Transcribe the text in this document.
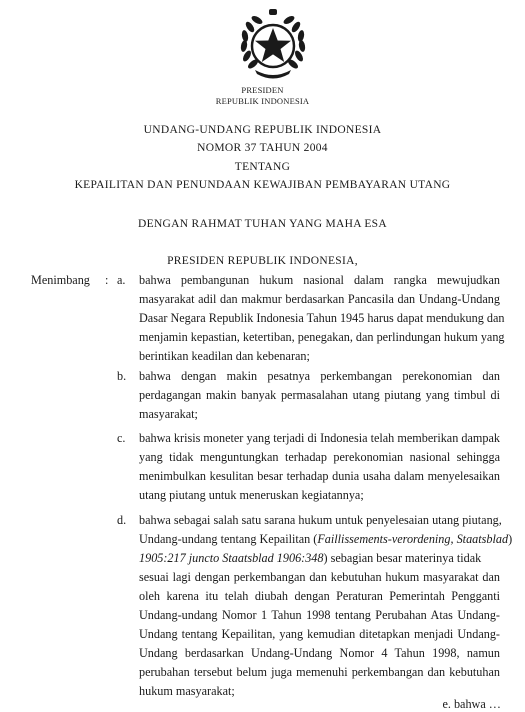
PRESIDEN
REPUBLIK INDONESIA
UNDANG-UNDANG REPUBLIK INDONESIA
NOMOR 37 TAHUN 2004
TENTANG
KEPAILITAN DAN PENUNDAAN KEWAJIBAN PEMBAYARAN UTANG
DENGAN RAHMAT TUHAN YANG MAHA ESA
PRESIDEN REPUBLIK INDONESIA,
Menimbang : a. bahwa pembangunan hukum nasional dalam rangka mewujudkan
masyarakat adil dan makmur berdasarkan Pancasila dan Undang-Undang
Dasar Negara Republik Indonesia Tahun 1945 harus dapat mendukung dan
menjamin kepastian, ketertiban, penegakan, dan perlindungan hukum yang
berintikan keadilan dan kebenaran;
b. bahwa dengan makin pesatnya perkembangan perekonomian dan
perdagangan makin banyak permasalahan utang piutang yang timbul di
masyarakat;
c. bahwa krisis moneter yang terjadi di Indonesia telah memberikan dampak
yang tidak menguntungkan terhadap perekonomian nasional sehingga
menimbulkan kesulitan besar terhadap dunia usaha dalam menyelesaikan
utang piutang untuk meneruskan kegiatannya;
d. bahwa sebagai salah satu sarana hukum untuk penyelesaian utang piutang,
Undang-undang tentang Kepailitan (Faillissements-verordening, Staatsblad)
1905:217 juncto Staatsblad 1906:348) sebagian besar materinya tidak
sesuai lagi dengan perkembangan dan kebutuhan hukum masyarakat dan
oleh karena itu telah diubah dengan Peraturan Pemerintah Pengganti
Undang-undang Nomor 1 Tahun 1998 tentang Perubahan Atas Undang-
Undang tentang Kepailitan, yang kemudian ditetapkan menjadi Undang-
Undang berdasarkan Undang-Undang Nomor 4 Tahun 1998, namun
perubahan tersebut belum juga memenuhi perkembangan dan kebutuhan
hukum masyarakat;
e. bahwa …
